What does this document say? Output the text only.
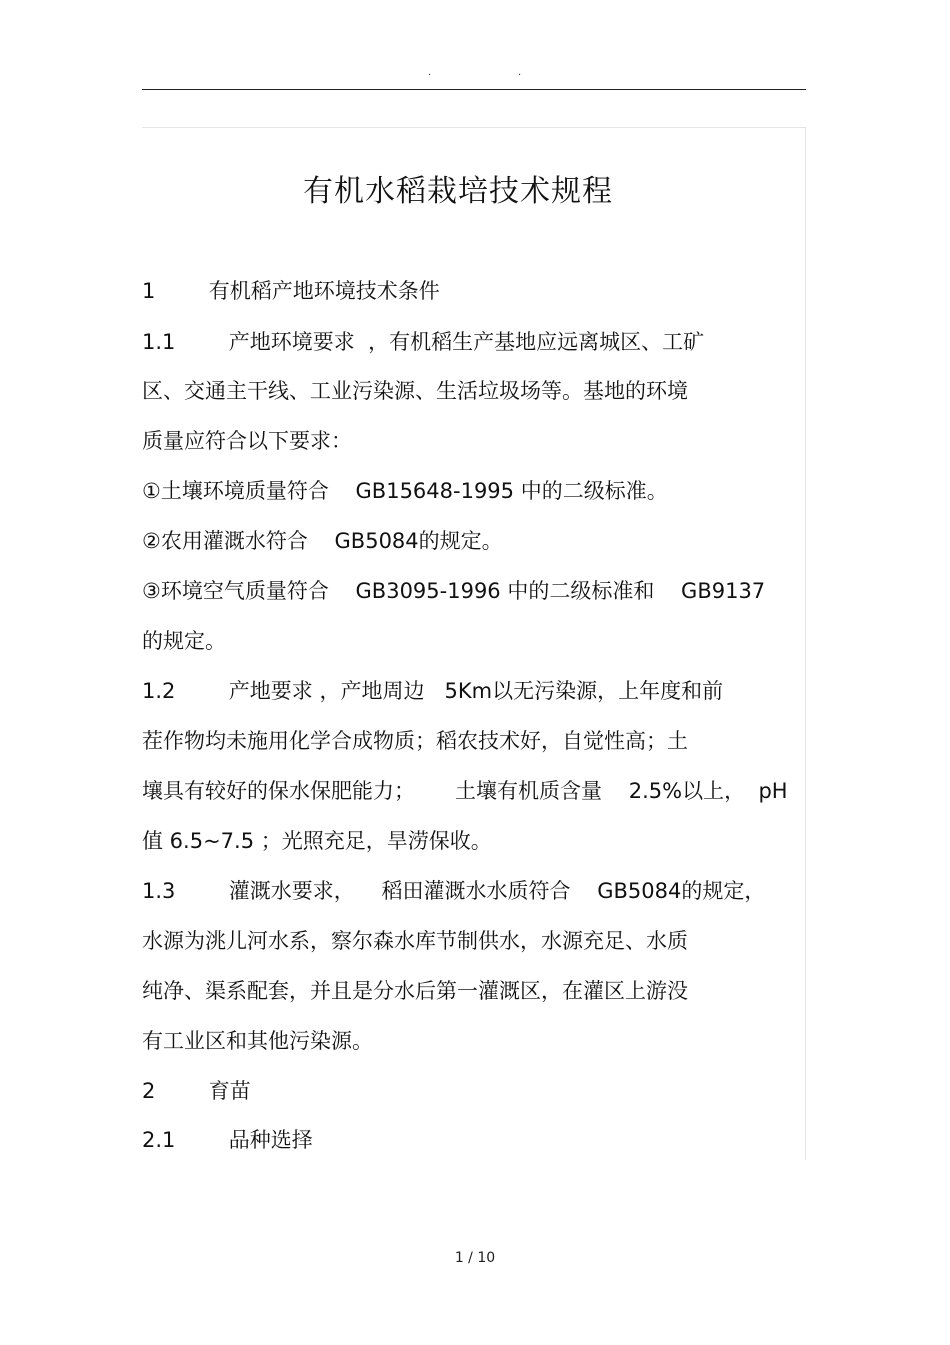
·	·
有机水稻栽培技术规程

1        有机稻产地环境技术条件

1.1        产地环境要求  ，有机稻生产基地应远离城区、工矿

区、交通主干线、工业污染源、生活垃圾场等。基地的环境

质量应符合以下要求：

①土壤环境质量符合    GB15648-1995 中的二级标准。

②农用灌溉水符合    GB5084的规定。

③环境空气质量符合    GB3095-1996 中的二级标准和    GB9137

的规定。

1.2        产地要求 ，产地周边   5Km以无污染源，上年度和前

茬作物均未施用化学合成物质；稻农技术好，自觉性高；土

壤具有较好的保水保肥能力；      土壤有机质含量    2.5%以上，  pH

值 6.5~7.5 ；光照充足，旱涝保收。

1.3        灌溉水要求，    稻田灌溉水水质符合    GB5084的规定，

水源为洮儿河水系，察尔森水库节制供水，水源充足、水质

纯净、渠系配套，并且是分水后第一灌溉区，在灌区上游没

有工业区和其他污染源。

2        育苗

2.1        品种选择

1 / 10
